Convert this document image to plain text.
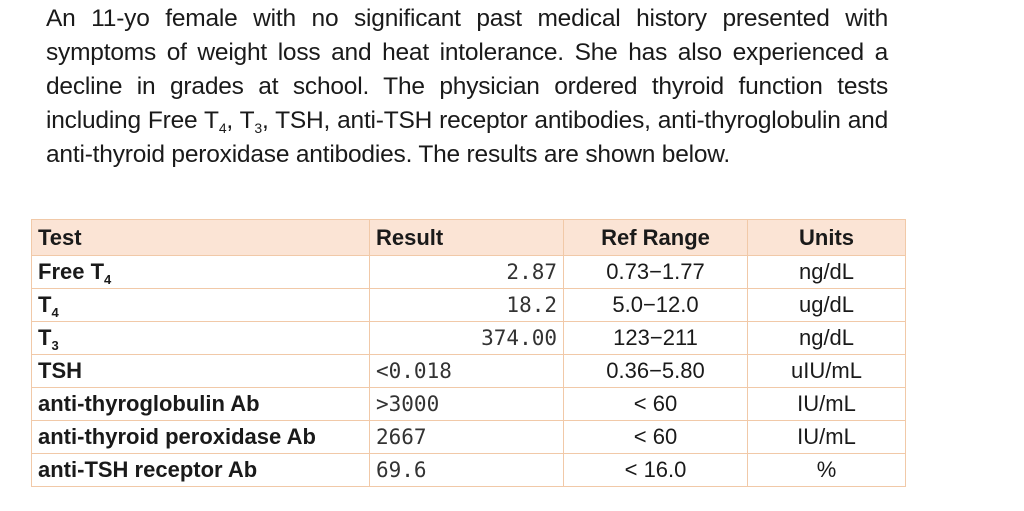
An 11-yo female with no significant past medical history presented with symptoms of weight loss and heat intolerance. She has also experienced a decline in grades at school. The physician ordered thyroid function tests including Free $T_4$, $T_3$, TSH, anti-TSH receptor antibodies, anti-thyroglobulin and anti-thyroid peroxidase antibodies. The results are shown below.
Test	Result	Ref Range	Units
Free $T_4$	2.87	0.73−1.77	ng/dL
$T_4$	18.2	5.0−12.0	ug/dL
$T_3$	374.00	123−211	ng/dL
TSH	<0.018	0.36−5.80	uIU/mL
anti-thyroglobulin Ab	>3000	< 60	IU/mL
anti-thyroid peroxidase Ab	2667	< 60	IU/mL
anti-TSH receptor Ab	69.6	< 16.0	%
